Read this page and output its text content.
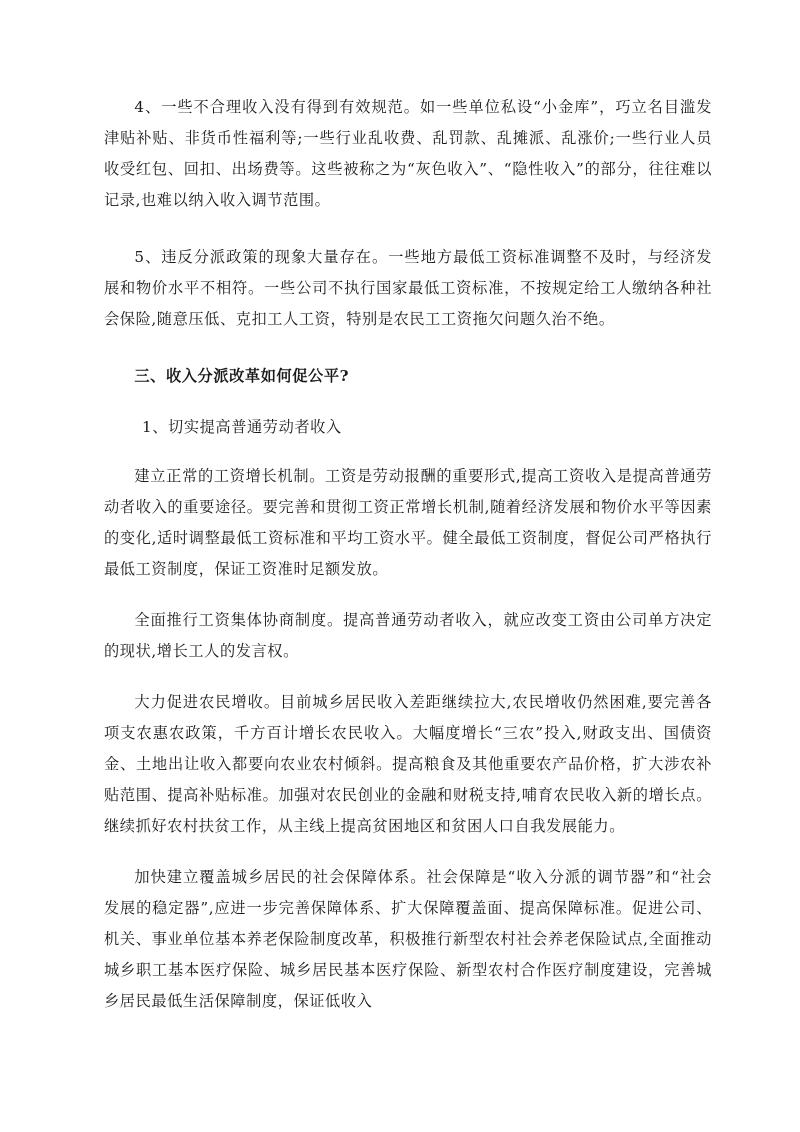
4、一些不合理收入没有得到有效规范。如一些单位私设“小金库”，巧立名目滥发津贴补贴、非货币性福利等;一些行业乱收费、乱罚款、乱摊派、乱涨价;一些行业人员收受红包、回扣、出场费等。这些被称之为“灰色收入”、“隐性收入”的部分，往往难以记录,也难以纳入收入调节范围。

5、违反分派政策的现象大量存在。一些地方最低工资标准调整不及时，与经济发展和物价水平不相符。一些公司不执行国家最低工资标准，不按规定给工人缴纳各种社会保险,随意压低、克扣工人工资，特别是农民工工资拖欠问题久治不绝。

三、收入分派改革如何促公平?

1、切实提高普通劳动者收入

建立正常的工资增长机制。工资是劳动报酬的重要形式,提高工资收入是提高普通劳动者收入的重要途径。要完善和贯彻工资正常增长机制,随着经济发展和物价水平等因素的变化,适时调整最低工资标准和平均工资水平。健全最低工资制度，督促公司严格执行最低工资制度，保证工资准时足额发放。

全面推行工资集体协商制度。提高普通劳动者收入，就应改变工资由公司单方决定的现状,增长工人的发言权。

大力促进农民增收。目前城乡居民收入差距继续拉大,农民增收仍然困难,要完善各项支农惠农政策，千方百计增长农民收入。大幅度增长“三农”投入,财政支出、国债资金、土地出让收入都要向农业农村倾斜。提高粮食及其他重要农产品价格，扩大涉农补贴范围、提高补贴标准。加强对农民创业的金融和财税支持,哺育农民收入新的增长点。继续抓好农村扶贫工作，从主线上提高贫困地区和贫困人口自我发展能力。

加快建立覆盖城乡居民的社会保障体系。社会保障是“收入分派的调节器”和“社会发展的稳定器”,应进一步完善保障体系、扩大保障覆盖面、提高保障标准。促进公司、机关、事业单位基本养老保险制度改革，积极推行新型农村社会养老保险试点,全面推动城乡职工基本医疗保险、城乡居民基本医疗保险、新型农村合作医疗制度建设，完善城乡居民最低生活保障制度，保证低收入
